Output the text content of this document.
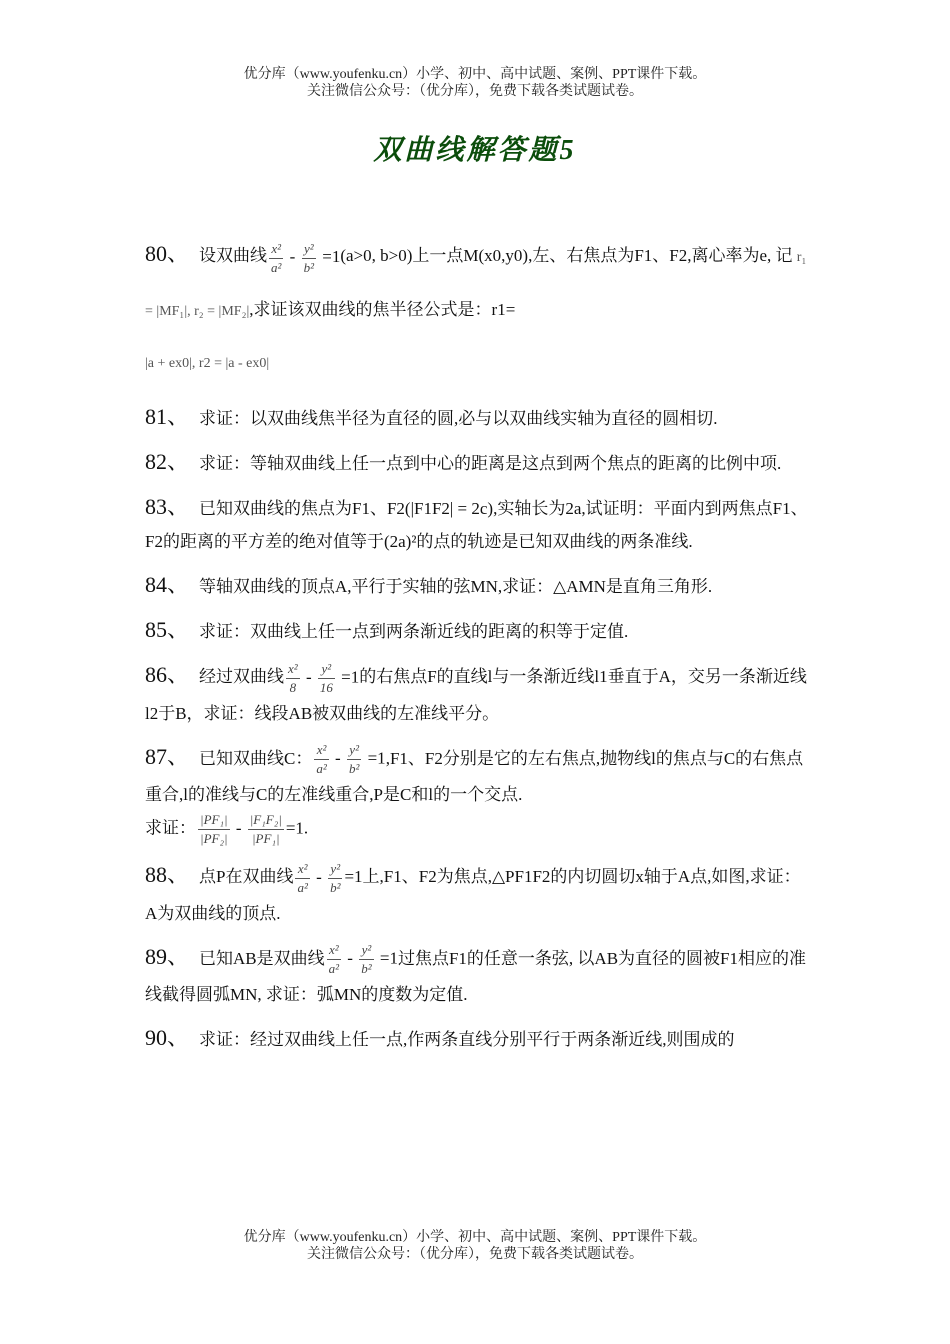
优分库（www.youfenku.cn）小学、初中、高中试题、案例、PPT课件下载。
关注微信公众号：（优分库），免费下载各类试题试卷。
双曲线解答题5
80、 设双曲线 $\frac{\text{x²}}{\text{a²}} - \frac{\text{y²}}{\text{b²}} =1(a>0$, b>0)上一点M(x0,y0),左、右焦点为F1、F2,离心率为e, 记 r₁ = |MF₁|, r₂ = |MF₂|,求证该双曲线的焦半径公式是：r1=
|a + ex0|, r2 = |a - ex0|
81、 求证：以双曲线焦半径为直径的圆,必与以双曲线实轴为直径的圆相切.
82、 求证：等轴双曲线上任一点到中心的距离是这点到两个焦点的距离的比例中项.
83、 已知双曲线的焦点为F1、F2(|F1F2| = 2c),实轴长为2a,试证明：平面内到两焦点F1、F2的距离的平方差的绝对值等于(2a)²的点的轨迹是已知双曲线的两条准线.
84、 等轴双曲线的顶点A,平行于实轴的弦MN,求证：△AMN是直角三角形.
85、 求证：双曲线上任一点到两条渐近线的距离的积等于定值.
86、 经过双曲线 $\frac{\text{x²}}{8} - \frac{\text{y²}}{16} =1$的右焦点F的直线l与一条渐近线l1垂直于A，交另一条渐近线l2于B，求证：线段AB被双曲线的左准线平分。
87、 已知双曲线C： $\frac{\text{x²}}{\text{a²}} - \frac{\text{y²}}{\text{b²}} =1,F1$、F2分别是它的左右焦点,抛物线l的焦点与C的右焦点重合,l的准线与C的左准线重合,P是C和l的一个交点.
求证： $\frac{\text{|PF₁|}}{\text{|PF₂|}} - \frac{\text{|F₁F₂|}}{\text{|PF₁|}} =1$.
88、 点P在双曲线 $\frac{\text{x²}}{\text{a²}} - \frac{\text{y²}}{\text{b²}} =1$上,F1、F2为焦点,△PF1F2的内切圆切x轴于A点,如图,求证：A为双曲线的顶点.
89、 已知AB是双曲线 $\frac{\text{x²}}{\text{a²}} - \frac{\text{y²}}{\text{b²}} =1$过焦点F1的任意一条弦, 以AB为直径的圆被F1相应的准线截得圆弧MN, 求证：弧MN的度数为定值.
90、 求证：经过双曲线上任一点,作两条直线分别平行于两条渐近线,则围成的
优分库（www.youfenku.cn）小学、初中、高中试题、案例、PPT课件下载。
关注微信公众号：（优分库），免费下载各类试题试卷。
